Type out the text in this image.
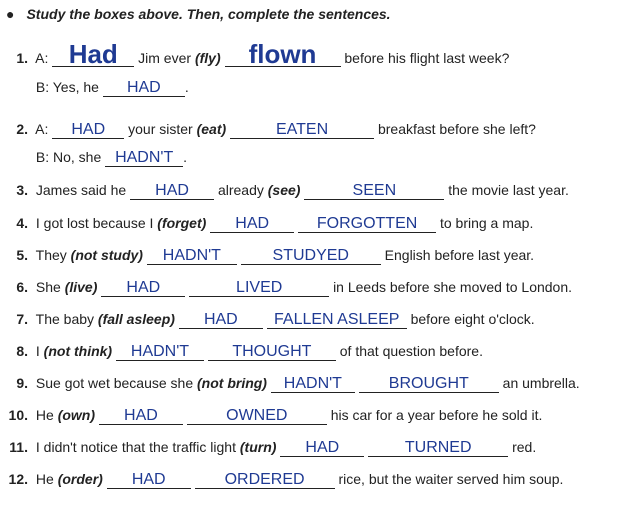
● Study the boxes above. Then, complete the sentences.
1. A: Had Jim ever (fly) flown before his flight last week?
B: Yes, he HAD .
2. A: HAD your sister (eat)	EATEN	breakfast before she left?
B: No, she HADN'T .
3. James said he HAD already (see)	SEEN	the movie last year.
4. I got lost because I (forget) HAD	FORGOTTEN to bring a map.
5. They (not study) HADN'T	STUDYED	English before last year.
6. She (live) HAD	LIVED	in Leeds before she moved to London.
7. The baby (fall asleep) HAD FALLEN ASLEEP before eight o'clock.
8. I (not think) HADN'T	THOUGHT of that question before.
9. Sue got wet because she (not bring) HADN'T	BROUGHT an umbrella.
10. He (own) HAD	OWNED	his car for a year before he sold it.
11. I didn't notice that the traffic light (turn) HAD	TURNED	red.
12. He (order) HAD	ORDERED rice, but the waiter served him soup.
